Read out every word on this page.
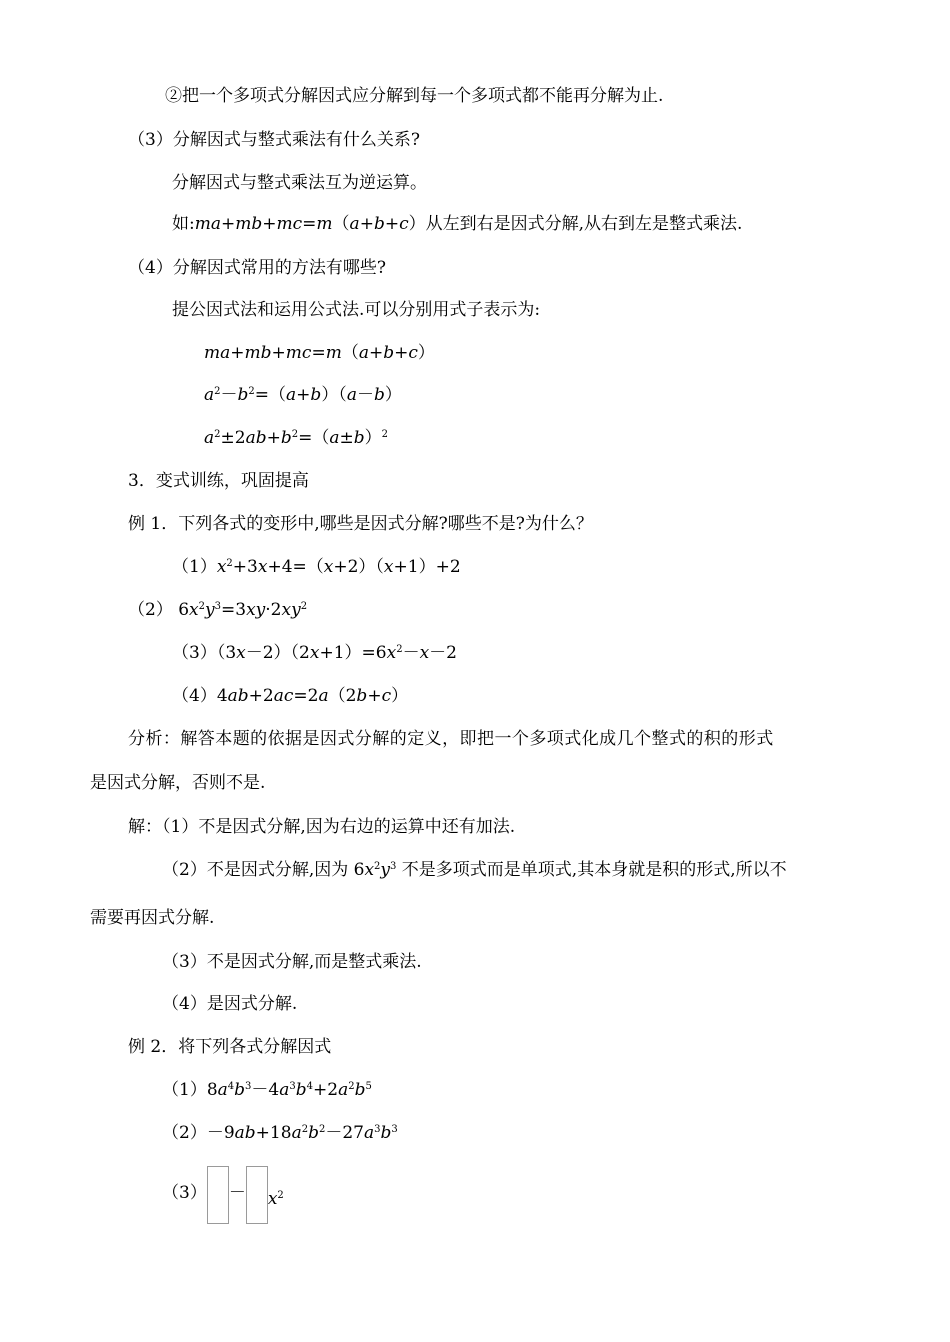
②把一个多项式分解因式应分解到每一个多项式都不能再分解为止.
（3）分解因式与整式乘法有什么关系?
分解因式与整式乘法互为逆运算。
如:ma+mb+mc=m（a+b+c）从左到右是因式分解,从右到左是整式乘法.
（4）分解因式常用的方法有哪些?
提公因式法和运用公式法.可以分别用式子表示为:
ma+mb+mc=m（a+b+c）
$a^2-b^2=(a+b)(a-b)$
$a^2\pm 2ab+b^2=(a\pm b)^2$
3．变式训练，巩固提高
例 1．下列各式的变形中,哪些是因式分解?哪些不是?为什么？
$(1)x^2+3x+4=(x+2)(x+1)+2$
（2） $6x^2y^3=3xy\cdot 2xy^2$
$(3)(3x-2)(2x+1)=6x^2-x-2$
（4）4ab+2ac=2a（2b+c）
分析：解答本题的依据是因式分解的定义，即把一个多项式化成几个整式的积的形式
是因式分解，否则不是.
解：（1）不是因式分解,因为右边的运算中还有加法.
（2）不是因式分解,因为 $6x^2y^3$ 不是多项式而是单项式,其本身就是积的形式,所以不
需要再因式分解.
（3）不是因式分解,而是整式乘法.
（4）是因式分解.
例 2．将下列各式分解因式
$(1)8a^4b^3-4a^3b^4+2a^2b^5$
$(2)-9ab+18a^2b^2-27a^3b^3$
$(3) - x^2$
